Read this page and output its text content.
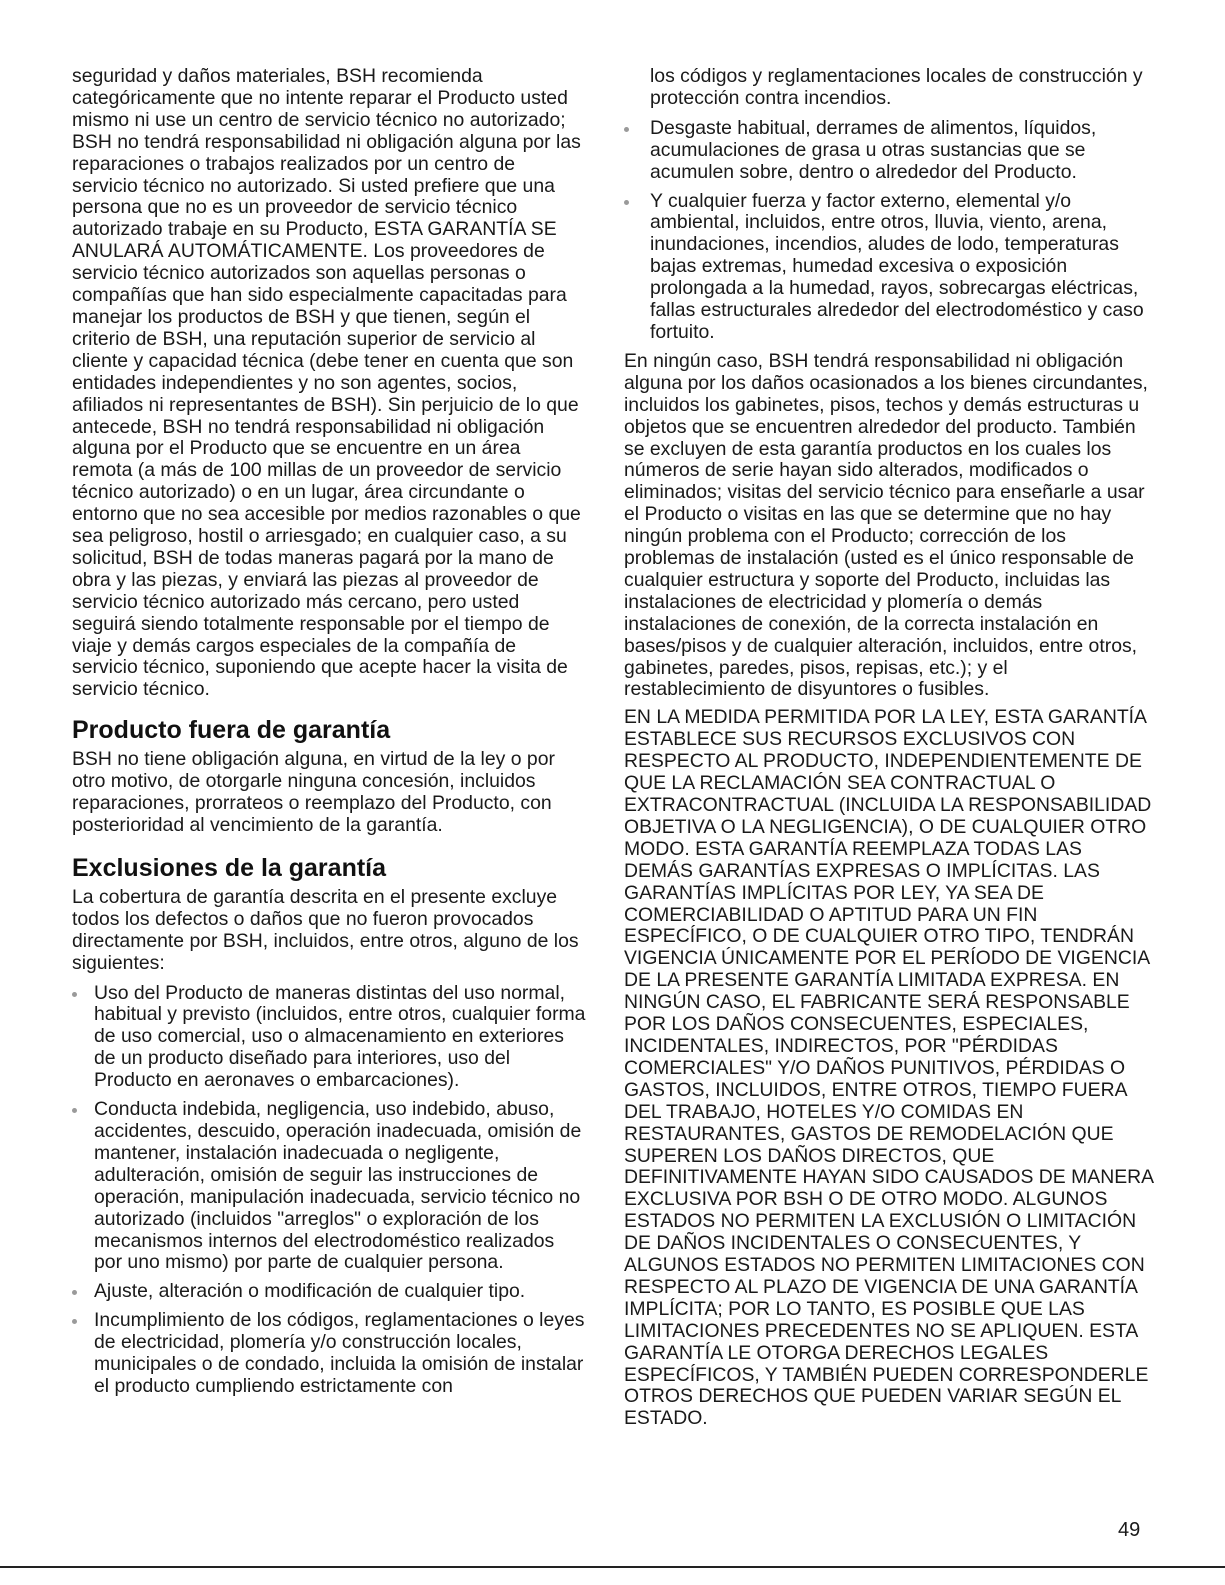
seguridad y daños materiales, BSH recomienda categóricamente que no intente reparar el Producto usted mismo ni use un centro de servicio técnico no autorizado; BSH no tendrá responsabilidad ni obligación alguna por las reparaciones o trabajos realizados por un centro de servicio técnico no autorizado. Si usted prefiere que una persona que no es un proveedor de servicio técnico autorizado trabaje en su Producto, ESTA GARANTÍA SE ANULARÁ AUTOMÁTICAMENTE. Los proveedores de servicio técnico autorizados son aquellas personas o compañías que han sido especialmente capacitadas para manejar los productos de BSH y que tienen, según el criterio de BSH, una reputación superior de servicio al cliente y capacidad técnica (debe tener en cuenta que son entidades independientes y no son agentes, socios, afiliados ni representantes de BSH). Sin perjuicio de lo que antecede, BSH no tendrá responsabilidad ni obligación alguna por el Producto que se encuentre en un área remota (a más de 100 millas de un proveedor de servicio técnico autorizado) o en un lugar, área circundante o entorno que no sea accesible por medios razonables o que sea peligroso, hostil o arriesgado; en cualquier caso, a su solicitud, BSH de todas maneras pagará por la mano de obra y las piezas, y enviará las piezas al proveedor de servicio técnico autorizado más cercano, pero usted seguirá siendo totalmente responsable por el tiempo de viaje y demás cargos especiales de la compañía de servicio técnico, suponiendo que acepte hacer la visita de servicio técnico.

Producto fuera de garantía

BSH no tiene obligación alguna, en virtud de la ley o por otro motivo, de otorgarle ninguna concesión, incluidos reparaciones, prorrateos o reemplazo del Producto, con posterioridad al vencimiento de la garantía.

Exclusiones de la garantía

La cobertura de garantía descrita en el presente excluye todos los defectos o daños que no fueron provocados directamente por BSH, incluidos, entre otros, alguno de los siguientes:

Uso del Producto de maneras distintas del uso normal, habitual y previsto (incluidos, entre otros, cualquier forma de uso comercial, uso o almacenamiento en exteriores de un producto diseñado para interiores, uso del Producto en aeronaves o embarcaciones).

Conducta indebida, negligencia, uso indebido, abuso, accidentes, descuido, operación inadecuada, omisión de mantener, instalación inadecuada o negligente, adulteración, omisión de seguir las instrucciones de operación, manipulación inadecuada, servicio técnico no autorizado (incluidos "arreglos" o exploración de los mecanismos internos del electrodoméstico realizados por uno mismo) por parte de cualquier persona.

Ajuste, alteración o modificación de cualquier tipo.

Incumplimiento de los códigos, reglamentaciones o leyes de electricidad, plomería y/o construcción locales, municipales o de condado, incluida la omisión de instalar el producto cumpliendo estrictamente con

los códigos y reglamentaciones locales de construcción y protección contra incendios.

Desgaste habitual, derrames de alimentos, líquidos, acumulaciones de grasa u otras sustancias que se acumulen sobre, dentro o alrededor del Producto.

Y cualquier fuerza y factor externo, elemental y/o ambiental, incluidos, entre otros, lluvia, viento, arena, inundaciones, incendios, aludes de lodo, temperaturas bajas extremas, humedad excesiva o exposición prolongada a la humedad, rayos, sobrecargas eléctricas, fallas estructurales alrededor del electrodoméstico y caso fortuito.

En ningún caso, BSH tendrá responsabilidad ni obligación alguna por los daños ocasionados a los bienes circundantes, incluidos los gabinetes, pisos, techos y demás estructuras u objetos que se encuentren alrededor del producto. También se excluyen de esta garantía productos en los cuales los números de serie hayan sido alterados, modificados o eliminados; visitas del servicio técnico para enseñarle a usar el Producto o visitas en las que se determine que no hay ningún problema con el Producto; corrección de los problemas de instalación (usted es el único responsable de cualquier estructura y soporte del Producto, incluidas las instalaciones de electricidad y plomería o demás instalaciones de conexión, de la correcta instalación en bases/pisos y de cualquier alteración, incluidos, entre otros, gabinetes, paredes, pisos, repisas, etc.); y el restablecimiento de disyuntores o fusibles.

EN LA MEDIDA PERMITIDA POR LA LEY, ESTA GARANTÍA ESTABLECE SUS RECURSOS EXCLUSIVOS CON RESPECTO AL PRODUCTO, INDEPENDIENTEMENTE DE QUE LA RECLAMACIÓN SEA CONTRACTUAL O EXTRACONTRACTUAL (INCLUIDA LA RESPONSABILIDAD OBJETIVA O LA NEGLIGENCIA), O DE CUALQUIER OTRO MODO. ESTA GARANTÍA REEMPLAZA TODAS LAS DEMÁS GARANTÍAS EXPRESAS O IMPLÍCITAS. LAS GARANTÍAS IMPLÍCITAS POR LEY, YA SEA DE COMERCIABILIDAD O APTITUD PARA UN FIN ESPECÍFICO, O DE CUALQUIER OTRO TIPO, TENDRÁN VIGENCIA ÚNICAMENTE POR EL PERÍODO DE VIGENCIA DE LA PRESENTE GARANTÍA LIMITADA EXPRESA. EN NINGÚN CASO, EL FABRICANTE SERÁ RESPONSABLE POR LOS DAÑOS CONSECUENTES, ESPECIALES, INCIDENTALES, INDIRECTOS, POR "PÉRDIDAS COMERCIALES" Y/O DAÑOS PUNITIVOS, PÉRDIDAS O GASTOS, INCLUIDOS, ENTRE OTROS, TIEMPO FUERA DEL TRABAJO, HOTELES Y/O COMIDAS EN RESTAURANTES, GASTOS DE REMODELACIÓN QUE SUPEREN LOS DAÑOS DIRECTOS, QUE DEFINITIVAMENTE HAYAN SIDO CAUSADOS DE MANERA EXCLUSIVA POR BSH O DE OTRO MODO. ALGUNOS ESTADOS NO PERMITEN LA EXCLUSIÓN O LIMITACIÓN DE DAÑOS INCIDENTALES O CONSECUENTES, Y ALGUNOS ESTADOS NO PERMITEN LIMITACIONES CON RESPECTO AL PLAZO DE VIGENCIA DE UNA GARANTÍA IMPLÍCITA; POR LO TANTO, ES POSIBLE QUE LAS LIMITACIONES PRECEDENTES NO SE APLIQUEN. ESTA GARANTÍA LE OTORGA DERECHOS LEGALES ESPECÍFICOS, Y TAMBIÉN PUEDEN CORRESPONDERLE OTROS DERECHOS QUE PUEDEN VARIAR SEGÚN EL ESTADO.

49
